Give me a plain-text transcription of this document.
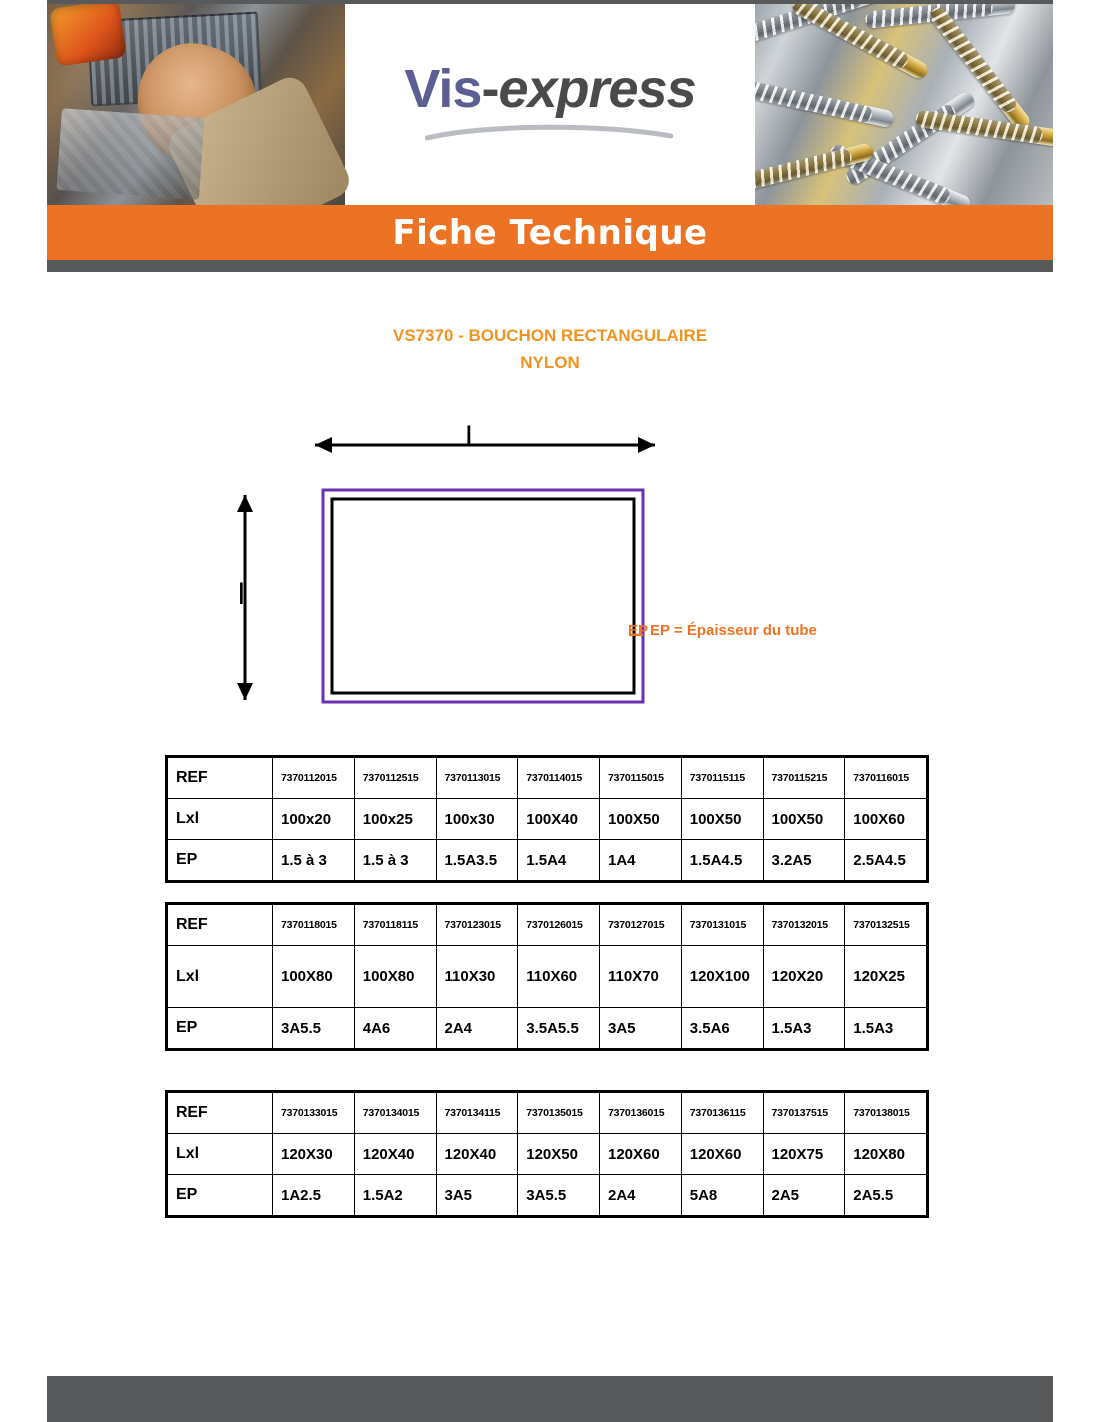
Vis-express
Fiche Technique
VS7370 - BOUCHON RECTANGULAIRE
NYLON
L
l
EP EP = Épaisseur du tube
REF	7370112015	7370112515	7370113015	7370114015	7370115015	7370115115	7370115215	7370116015
Lxl	100x20	100x25	100x30	100X40	100X50	100X50	100X50	100X60
EP	1.5 à 3	1.5 à 3	1.5A3.5	1.5A4	1A4	1.5A4.5	3.2A5	2.5A4.5
REF	7370118015	7370118115	7370123015	7370126015	7370127015	7370131015	7370132015	7370132515
Lxl	100X80	100X80	110X30	110X60	110X70	120X100	120X20	120X25
EP	3A5.5	4A6	2A4	3.5A5.5	3A5	3.5A6	1.5A3	1.5A3
REF	7370133015	7370134015	7370134115	7370135015	7370136015	7370136115	7370137515	7370138015
Lxl	120X30	120X40	120X40	120X50	120X60	120X60	120X75	120X80
EP	1A2.5	1.5A2	3A5	3A5.5	2A4	5A8	2A5	2A5.5
